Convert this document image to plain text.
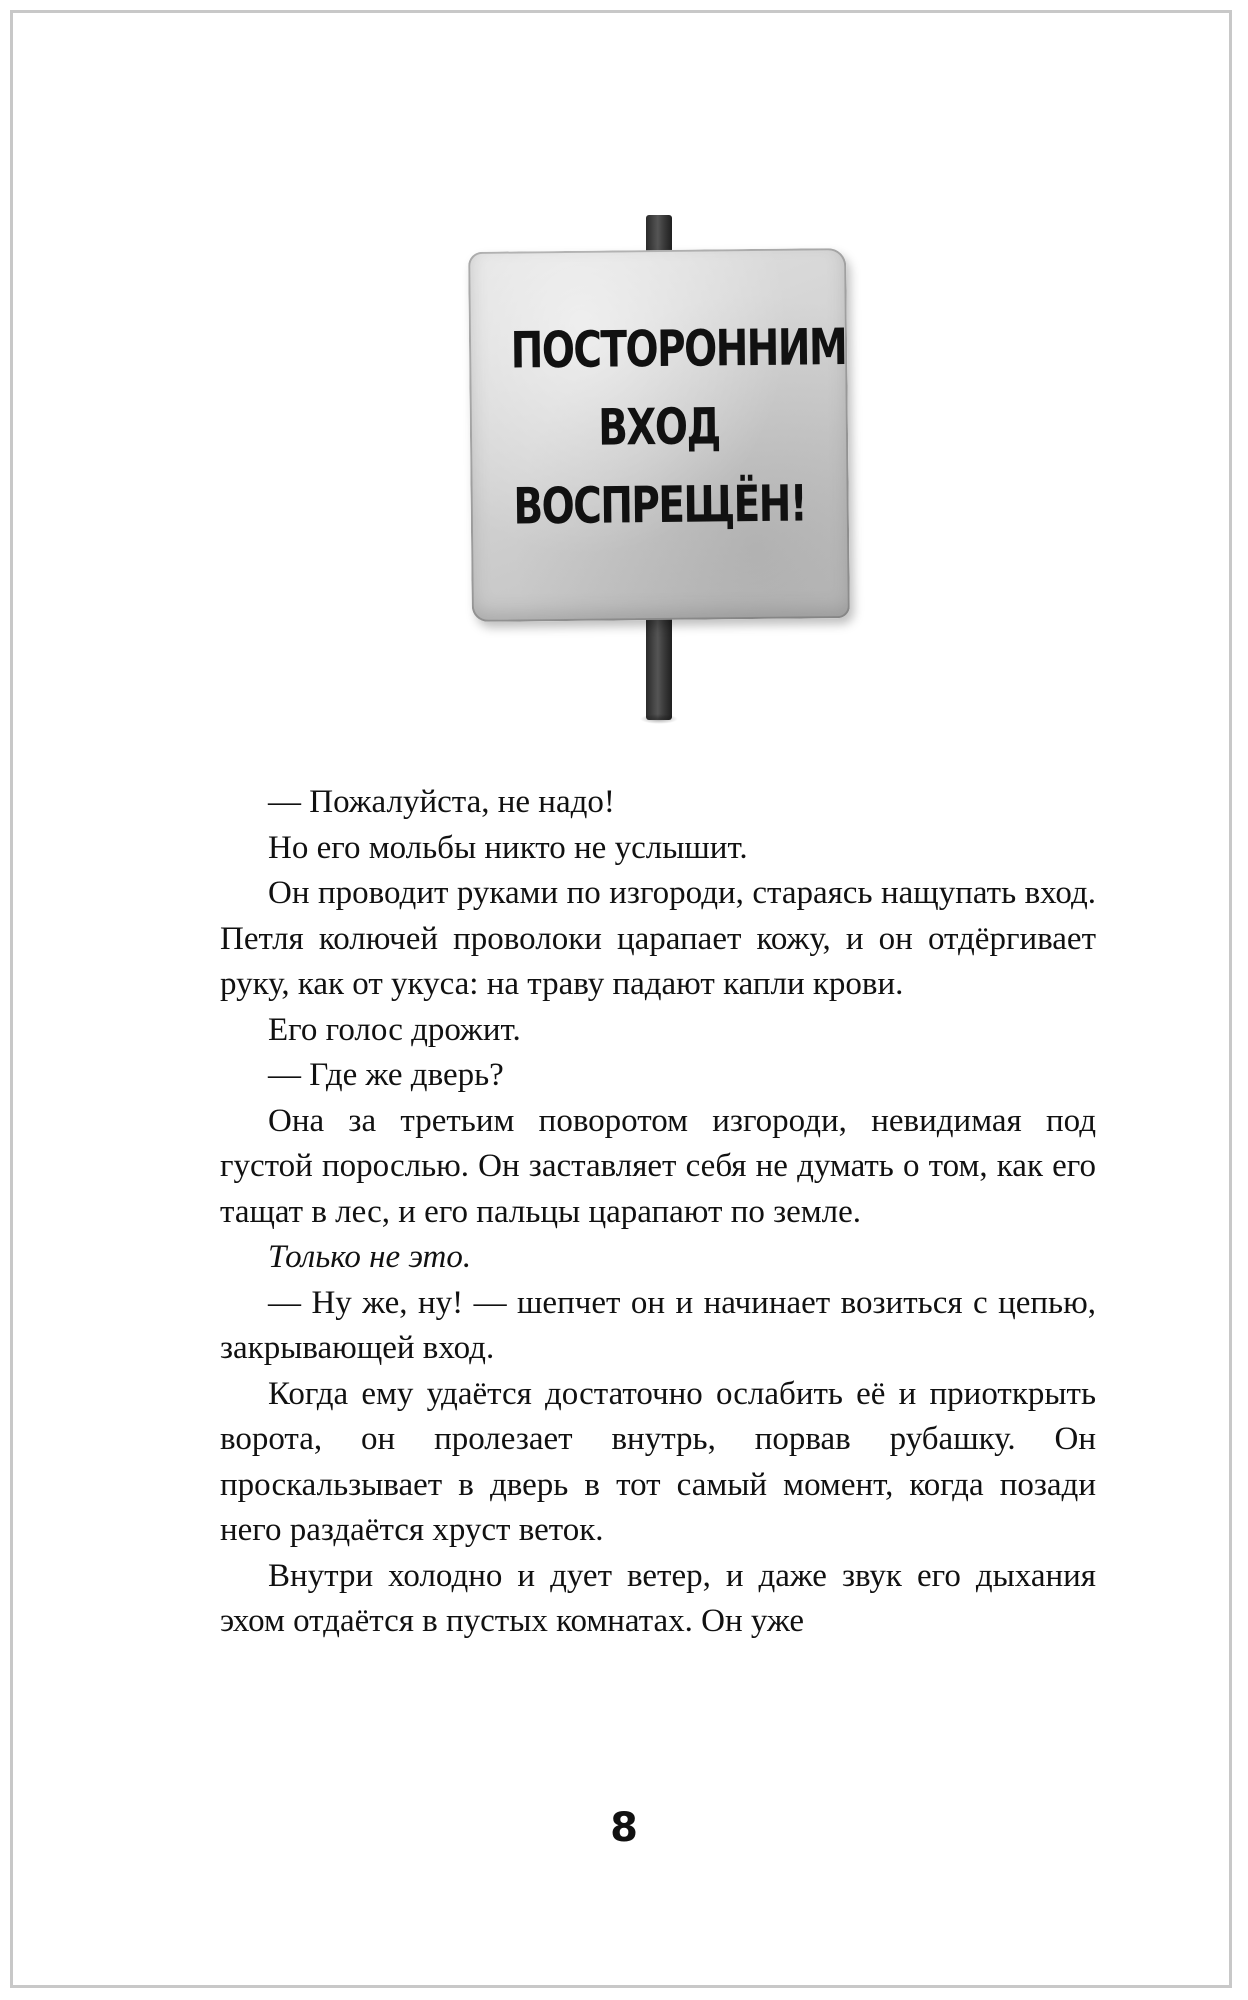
ПОСТОРОННИМ
ВХОД
ВОСПРЕЩЁН!

— Пожалуйста, не надо!

Но его мольбы никто не услышит.

Он проводит руками по изгороди, стараясь нащупать вход. Петля колючей проволоки царапает кожу, и он отдёргивает руку, как от укуса: на траву падают капли крови.

Его голос дрожит.

— Где же дверь?

Она за третьим поворотом изгороди, невидимая под густой порослью. Он заставляет себя не думать о том, как его тащат в лес, и его пальцы царапают по земле.

Только не это.

— Ну же, ну! — шепчет он и начинает возиться с цепью, закрывающей вход.

Когда ему удаётся достаточно ослабить её и приоткрыть ворота, он пролезает внутрь, порвав рубашку. Он проскальзывает в дверь в тот самый момент, когда позади него раздаётся хруст веток.

Внутри холодно и дует ветер, и даже звук его дыхания эхом отдаётся в пустых комнатах. Он уже

8
